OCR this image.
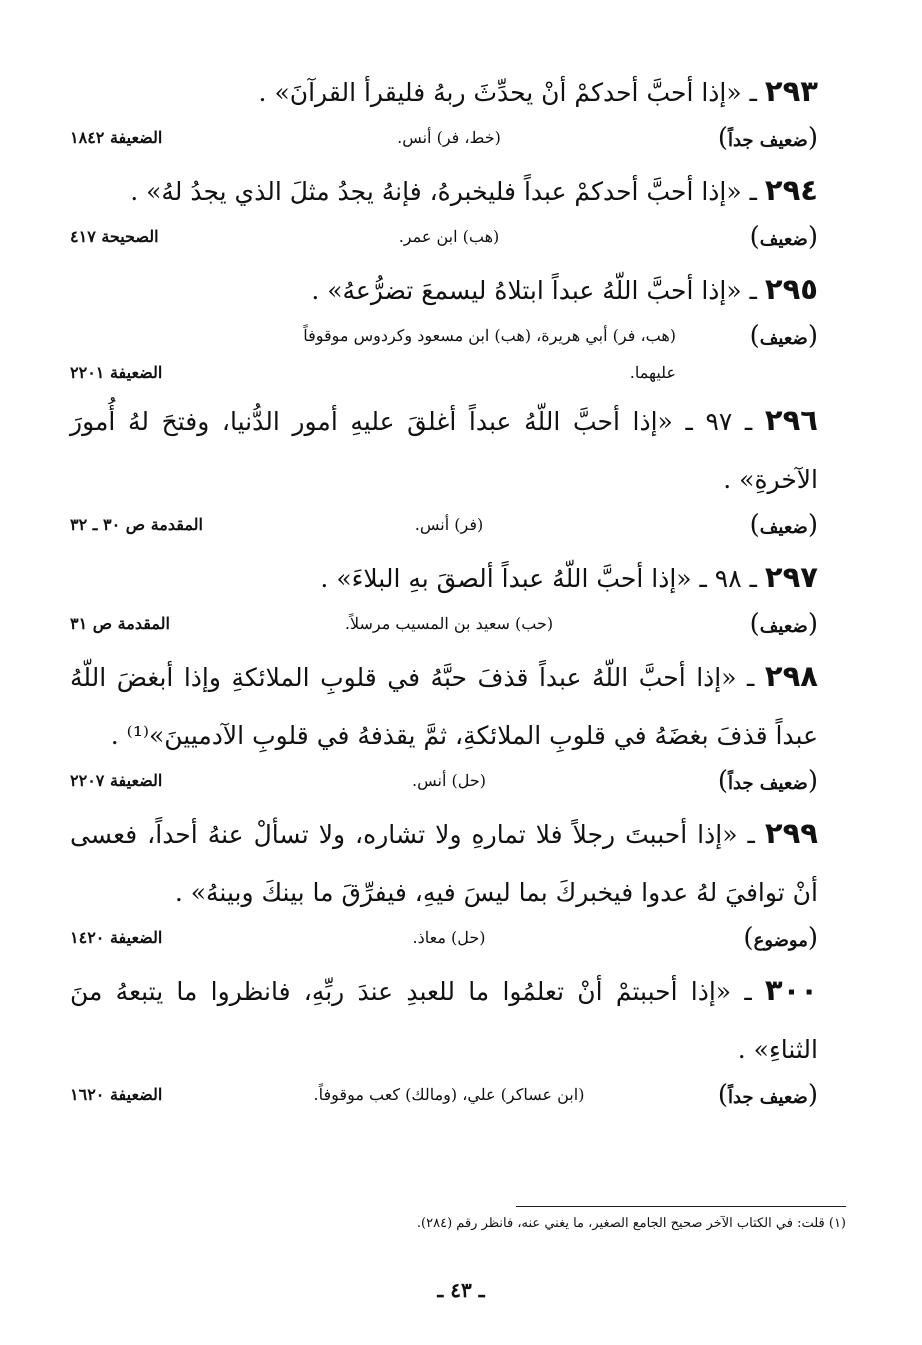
٢٩٣ ـ «إذا أحبَّ أحدكمْ أنْ يحدِّثَ ربهُ فليقرأ القرآنَ» .

( ضعيف جداً )
(خط، فر) أنس.
الضعيفة ١٨٤٢

٢٩٤ ـ «إذا أحبَّ أحدكمْ عبداً فليخبرهُ، فإنهُ يجدُ مثلَ الذي يجدُ لهُ» .

( ضعيف )
(هب) ابن عمر.
الصحيحة ٤١٧

٢٩٥ ـ «إذا أحبَّ اللّهُ عبداً ابتلاهُ ليسمعَ تضرُّعهُ» .

( ضعيف )
(هب، فر) أبي هريرة، (هب) ابن مسعود وكردوس موقوفاً
عليهما.
الضعيفة ٢٢٠١

٢٩٦ ـ ٩٧ ـ «إذا أحبَّ اللّهُ عبداً أغلقَ عليهِ أمور الدُّنيا، وفتحَ لهُ أُمورَ الآخرةِ» .

( ضعيف )
(فر) أنس.
المقدمة ص ٣٠ ـ ٣٢

٢٩٧ ـ ٩٨ ـ «إذا أحبَّ اللّهُ عبداً ألصقَ بهِ البلاءَ» .

( ضعيف )
(حب) سعيد بن المسيب مرسلاً.
المقدمة ص ٣١

٢٩٨ ـ «إذا أحبَّ اللّهُ عبداً قذفَ حبَّهُ في قلوبِ الملائكةِ وإذا أبغضَ اللّهُ عبداً قذفَ بغضَهُ في قلوبِ الملائكةِ، ثمَّ يقذفهُ في قلوبِ الآدميينَ»⁽¹⁾ .

( ضعيف جداً )
(حل) أنس.
الضعيفة ٢٢٠٧

٢٩٩ ـ «إذا أحببتَ رجلاً فلا تمارهِ ولا تشاره، ولا تسألْ عنهُ أحداً، فعسى أنْ توافيَ لهُ عدوا فيخبركَ بما ليسَ فيهِ، فيفرِّقَ ما بينكَ وبينهُ» .

( موضوع )
(حل) معاذ.
الضعيفة ١٤٢٠

٣٠٠ ـ «إذا أحببتمْ أنْ تعلمُوا ما للعبدِ عندَ ربِّهِ، فانظروا ما يتبعهُ منَ الثناءِ» .

( ضعيف جداً )
(ابن عساكر) علي، (ومالك) كعب موقوفاً.
الضعيفة ١٦٢٠
(١) قلت: في الكتاب الآخر صحيح الجامع الصغير، ما يغني عنه، فانظر رقم (٢٨٤).
ـ ٤٣ ـ
